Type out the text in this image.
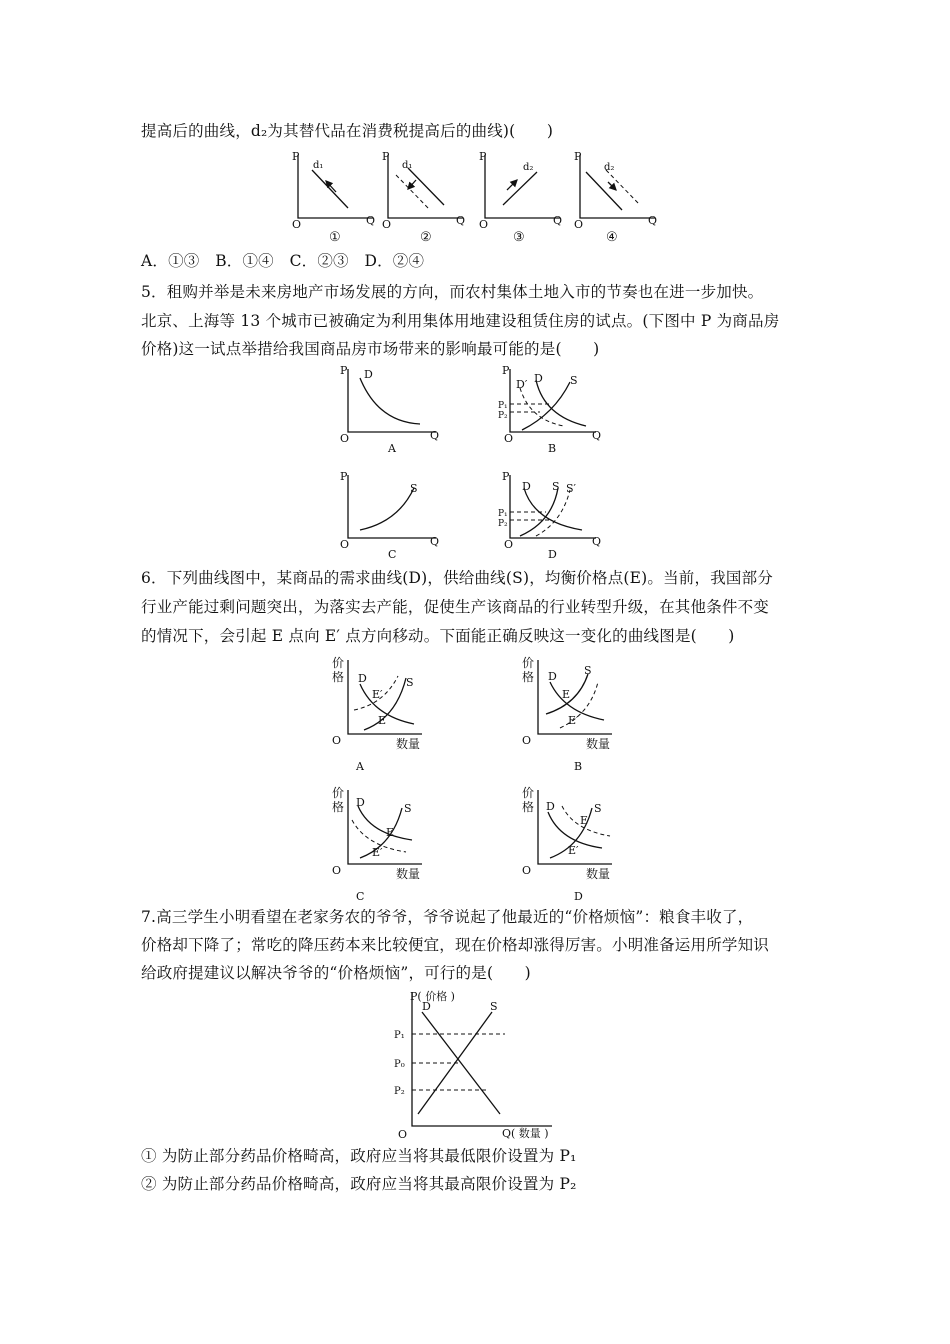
提高后的曲线，d₂为其替代品在消费税提高后的曲线)(　　)
P
Q
O
d₁
①
P
Q
O
d₁
②
P
Q
O
d₂
③
P
Q
O
d₂
④
A．①③　B．①④　C．②③　D．②④
5．租购并举是未来房地产市场发展的方向，而农村集体土地入市的节奏也在进一步加快。
北京、上海等 13 个城市已被确定为利用集体用地建设租赁住房的试点。(下图中 P 为商品房
价格)这一试点举措给我国商品房市场带来的影响最可能的是(　　)
P
Q
O
D
A
P
Q
O
D′ D S
P₁
P₂
B
P
Q
O
S
C
P
Q
O
D S S′
P₁
P₂
D
6．下列曲线图中，某商品的需求曲线(D)，供给曲线(S)，均衡价格点(E)。当前，我国部分
行业产能过剩问题突出，为落实去产能，促使生产该商品的行业转型升级，在其他条件不变
的情况下，会引起 E 点向 E′ 点方向移动。下面能正确反映这一变化的曲线图是(　　)
价
格
O	数量
D	S
E′
E
A
价
格
O	数量
D S
E
E′
B
价
格
O	数量
D	S
E
E′
C
价
格
O	数量
D	S
E
E′
D
7.高三学生小明看望在老家务农的爷爷，爷爷说起了他最近的“价格烦恼”：粮食丰收了，
价格却下降了；常吃的降压药本来比较便宜，现在价格却涨得厉害。小明准备运用所学知识
给政府提建议以解决爷爷的“价格烦恼”，可行的是(　　)
P( 价格 )
Q( 数量 )
O
D	S
P₁
P₀
P₂
① 为防止部分药品价格畸高，政府应当将其最低限价设置为 P₁
② 为防止部分药品价格畸高，政府应当将其最高限价设置为 P₂
